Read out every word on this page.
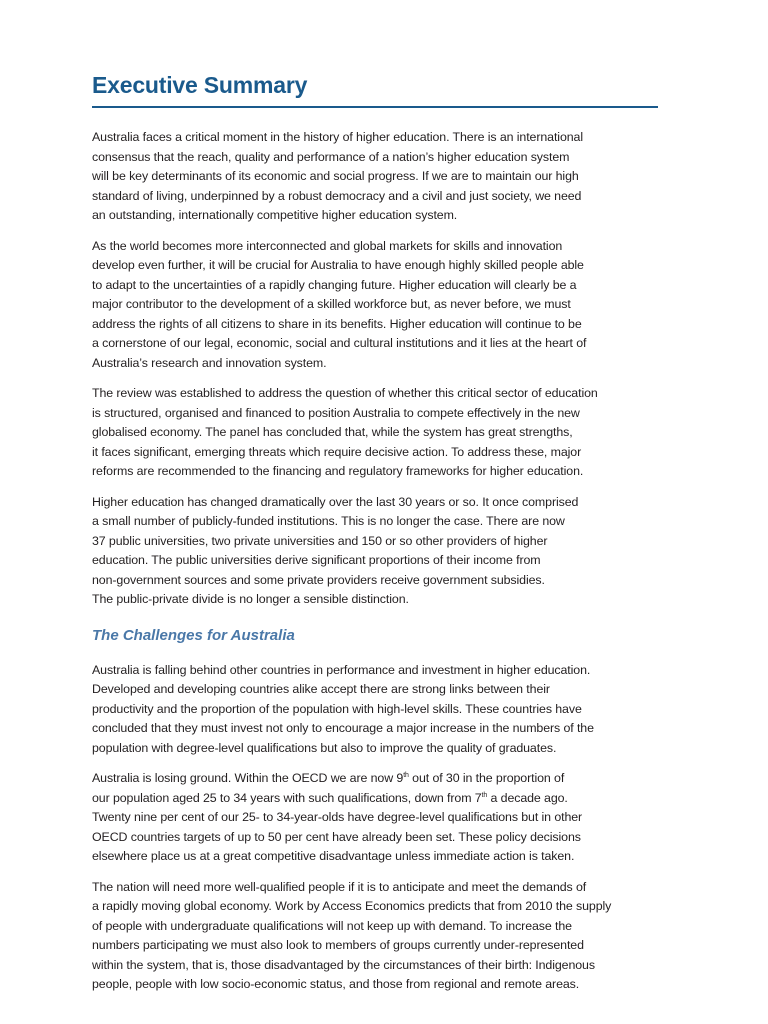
Executive Summary

Australia faces a critical moment in the history of higher education. There is an international
consensus that the reach, quality and performance of a nation’s higher education system
will be key determinants of its economic and social progress. If we are to maintain our high
standard of living, underpinned by a robust democracy and a civil and just society, we need
an outstanding, internationally competitive higher education system.

As the world becomes more interconnected and global markets for skills and innovation
develop even further, it will be crucial for Australia to have enough highly skilled people able
to adapt to the uncertainties of a rapidly changing future. Higher education will clearly be a
major contributor to the development of a skilled workforce but, as never before, we must
address the rights of all citizens to share in its benefits. Higher education will continue to be
a cornerstone of our legal, economic, social and cultural institutions and it lies at the heart of
Australia’s research and innovation system.

The review was established to address the question of whether this critical sector of education
is structured, organised and financed to position Australia to compete effectively in the new
globalised economy. The panel has concluded that, while the system has great strengths,
it faces significant, emerging threats which require decisive action. To address these, major
reforms are recommended to the financing and regulatory frameworks for higher education.

Higher education has changed dramatically over the last 30 years or so. It once comprised
a small number of publicly-funded institutions. This is no longer the case. There are now
37 public universities, two private universities and 150 or so other providers of higher
education. The public universities derive significant proportions of their income from
non-government sources and some private providers receive government subsidies.
The public-private divide is no longer a sensible distinction.

The Challenges for Australia

Australia is falling behind other countries in performance and investment in higher education.
Developed and developing countries alike accept there are strong links between their
productivity and the proportion of the population with high-level skills. These countries have
concluded that they must invest not only to encourage a major increase in the numbers of the
population with degree-level qualifications but also to improve the quality of graduates.

Australia is losing ground. Within the OECD we are now 9th out of 30 in the proportion of
our population aged 25 to 34 years with such qualifications, down from 7th a decade ago.
Twenty nine per cent of our 25- to 34-year-olds have degree-level qualifications but in other
OECD countries targets of up to 50 per cent have already been set. These policy decisions
elsewhere place us at a great competitive disadvantage unless immediate action is taken.

The nation will need more well-qualified people if it is to anticipate and meet the demands of
a rapidly moving global economy. Work by Access Economics predicts that from 2010 the supply
of people with undergraduate qualifications will not keep up with demand. To increase the
numbers participating we must also look to members of groups currently under-represented
within the system, that is, those disadvantaged by the circumstances of their birth: Indigenous
people, people with low socio-economic status, and those from regional and remote areas.
